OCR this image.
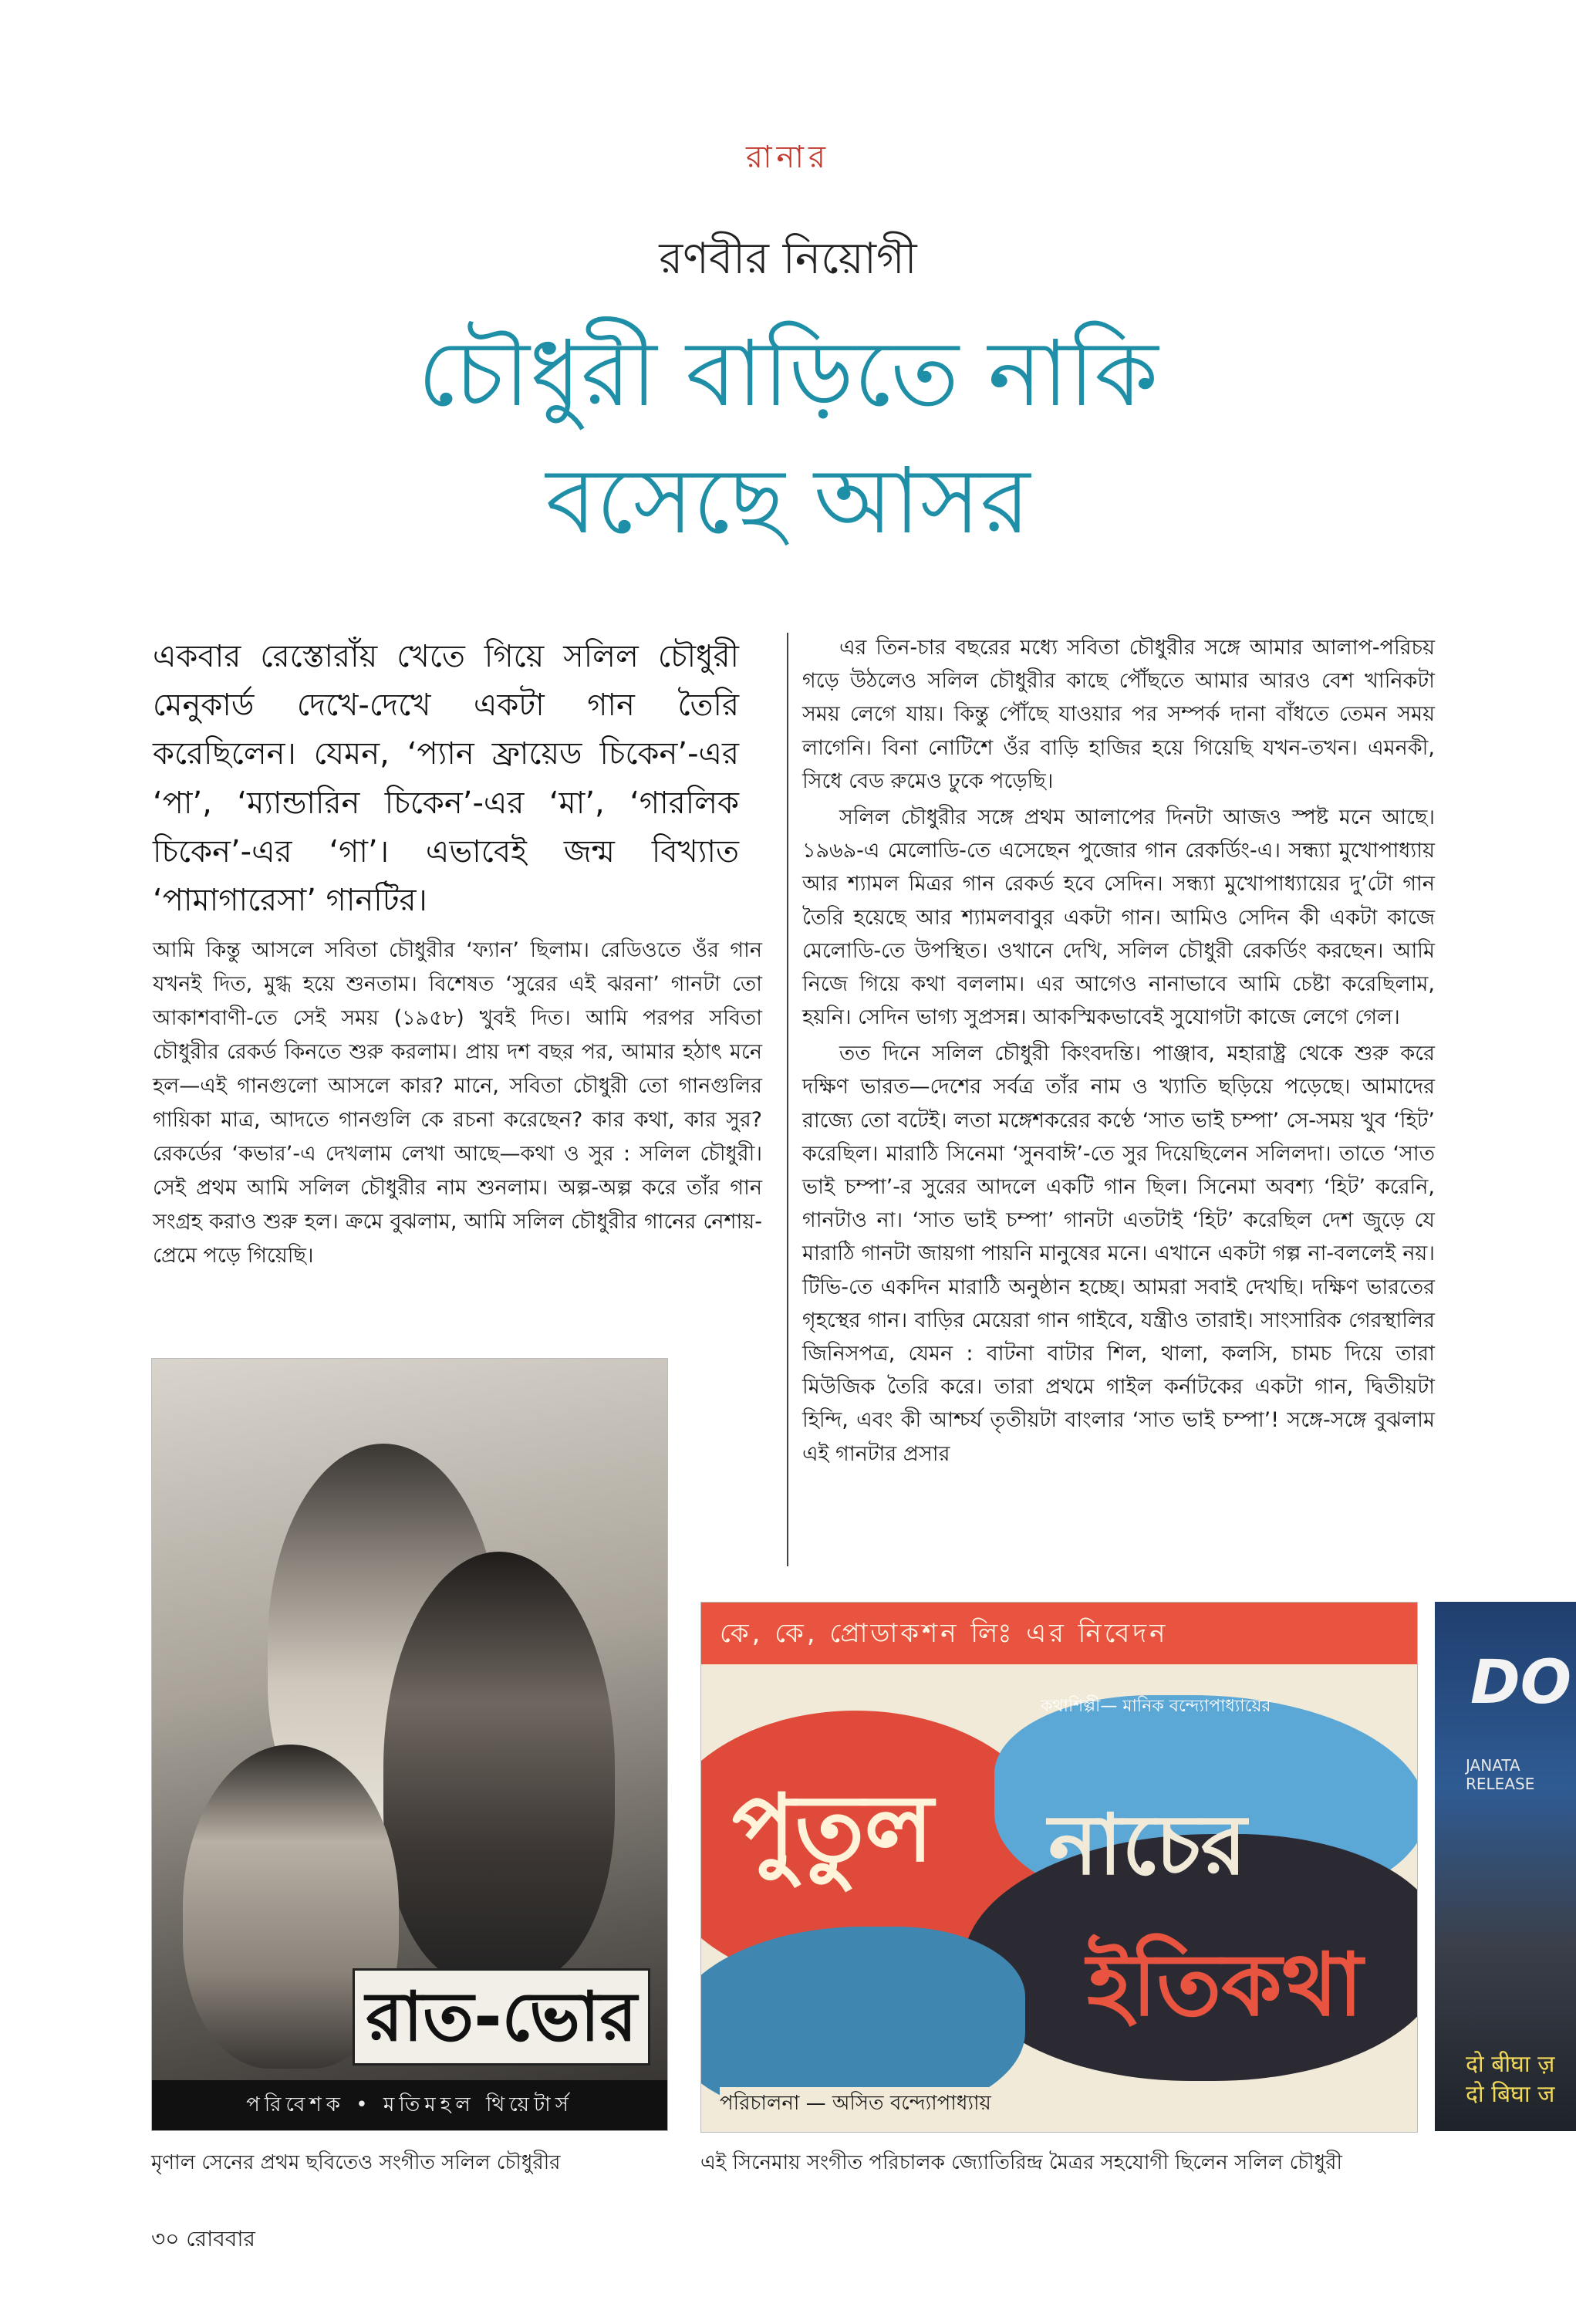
রানার
রণবীর নিয়োগী
চৌধুরী বাড়িতে নাকি
বসেছে আসর
একবার রেস্তোরাঁয় খেতে গিয়ে সলিল চৌধুরী মেনুকার্ড দেখে-দেখে একটা গান তৈরি করেছিলেন। যেমন, ‘প্যান ফ্রায়েড চিকেন’-এর ‘পা’, ‘ম্যান্ডারিন চিকেন’-এর ‘মা’, ‘গারলিক চিকেন’-এর ‘গা’। এভাবেই জন্ম বিখ্যাত ‘পামাগারেসা’ গানটির।

আমি কিন্তু আসলে সবিতা চৌধুরীর ‘ফ্যান’ ছিলাম। রেডিওতে ওঁর গান যখনই দিত, মুগ্ধ হয়ে শুনতাম। বিশেষত ‘সুরের এই ঝরনা’ গানটা তো আকাশবাণী-তে সেই সময় (১৯৫৮) খুবই দিত। আমি পরপর সবিতা চৌধুরীর রেকর্ড কিনতে শুরু করলাম। প্রায় দশ বছর পর, আমার হঠাৎ মনে হল—এই গানগুলো আসলে কার? মানে, সবিতা চৌধুরী তো গানগুলির গায়িকা মাত্র, আদতে গানগুলি কে রচনা করেছেন? কার কথা, কার সুর? রেকর্ডের ‘কভার’-এ দেখলাম লেখা আছে—কথা ও সুর : সলিল চৌধুরী। সেই প্রথম আমি সলিল চৌধুরীর নাম শুনলাম। অল্প-অল্প করে তাঁর গান সংগ্রহ করাও শুরু হল। ক্রমে বুঝলাম, আমি সলিল চৌধুরীর গানের নেশায়-প্রেমে পড়ে গিয়েছি।

এর তিন-চার বছরের মধ্যে সবিতা চৌধুরীর সঙ্গে আমার আলাপ-পরিচয় গড়ে উঠলেও সলিল চৌধুরীর কাছে পৌঁছতে আমার আরও বেশ খানিকটা সময় লেগে যায়। কিন্তু পৌঁছে যাওয়ার পর সম্পর্ক দানা বাঁধতে তেমন সময় লাগেনি। বিনা নোটিশে ওঁর বাড়ি হাজির হয়ে গিয়েছি যখন-তখন। এমনকী, সিধে বেড রুমেও ঢুকে পড়েছি।

সলিল চৌধুরীর সঙ্গে প্রথম আলাপের দিনটা আজও স্পষ্ট মনে আছে। ১৯৬৯-এ মেলোডি-তে এসেছেন পুজোর গান রেকর্ডিং-এ। সন্ধ্যা মুখোপাধ্যায় আর শ্যামল মিত্রর গান রেকর্ড হবে সেদিন। সন্ধ্যা মুখোপাধ্যায়ের দু’টো গান তৈরি হয়েছে আর শ্যামলবাবুর একটা গান। আমিও সেদিন কী একটা কাজে মেলোডি-তে উপস্থিত। ওখানে দেখি, সলিল চৌধুরী রেকর্ডিং করছেন। আমি নিজে গিয়ে কথা বললাম। এর আগেও নানাভাবে আমি চেষ্টা করেছিলাম, হয়নি। সেদিন ভাগ্য সুপ্রসন্ন। আকস্মিকভাবেই সুযোগটা কাজে লেগে গেল।

তত দিনে সলিল চৌধুরী কিংবদন্তি। পাঞ্জাব, মহারাষ্ট্র থেকে শুরু করে দক্ষিণ ভারত—দেশের সর্বত্র তাঁর নাম ও খ্যাতি ছড়িয়ে পড়েছে। আমাদের রাজ্যে তো বটেই। লতা মঙ্গেশকরের কণ্ঠে ‘সাত ভাই চম্পা’ সে-সময় খুব ‘হিট’ করেছিল। মারাঠি সিনেমা ‘সুনবাঈ’-তে সুর দিয়েছিলেন সলিলদা। তাতে ‘সাত ভাই চম্পা’-র সুরের আদলে একটি গান ছিল। সিনেমা অবশ্য ‘হিট’ করেনি, গানটাও না। ‘সাত ভাই চম্পা’ গানটা এতটাই ‘হিট’ করেছিল দেশ জুড়ে যে মারাঠি গানটা জায়গা পায়নি মানুষের মনে। এখানে একটা গল্প না-বললেই নয়। টিভি-তে একদিন মারাঠি অনুষ্ঠান হচ্ছে। আমরা সবাই দেখছি। দক্ষিণ ভারতের গৃহস্থের গান। বাড়ির মেয়েরা গান গাইবে, যন্ত্রীও তারাই। সাংসারিক গেরস্থালির জিনিসপত্র, যেমন : বাটনা বাটার শিল, থালা, কলসি, চামচ দিয়ে তারা মিউজিক তৈরি করে। তারা প্রথমে গাইল কর্নাটকের একটা গান, দ্বিতীয়টা হিন্দি, এবং কী আশ্চর্য তৃতীয়টা বাংলার ‘সাত ভাই চম্পা’! সঙ্গে-সঙ্গে বুঝলাম এই গানটার প্রসার

রাত-ভোর
পরিবেশক • মতিমহল থিয়েটার্স
কে, কে, প্রোডাকশন লিঃ এর নিবেদন
কথাশিল্পী— মানিক বন্দ্যোপাধ্যায়ের
পুতুল নাচের
ইতিকথা
পরিচালনা — অসিত বন্দ্যোপাধ্যায়
DO
JANATA RELEASE
दो बीघा ज़ दो बिघा ज
মৃণাল সেনের প্রথম ছবিতেও সংগীত সলিল চৌধুরীর	এই সিনেমায় সংগীত পরিচালক জ্যোতিরিন্দ্র মৈত্রর সহযোগী ছিলেন সলিল চৌধুরী
৩০ রোববার
